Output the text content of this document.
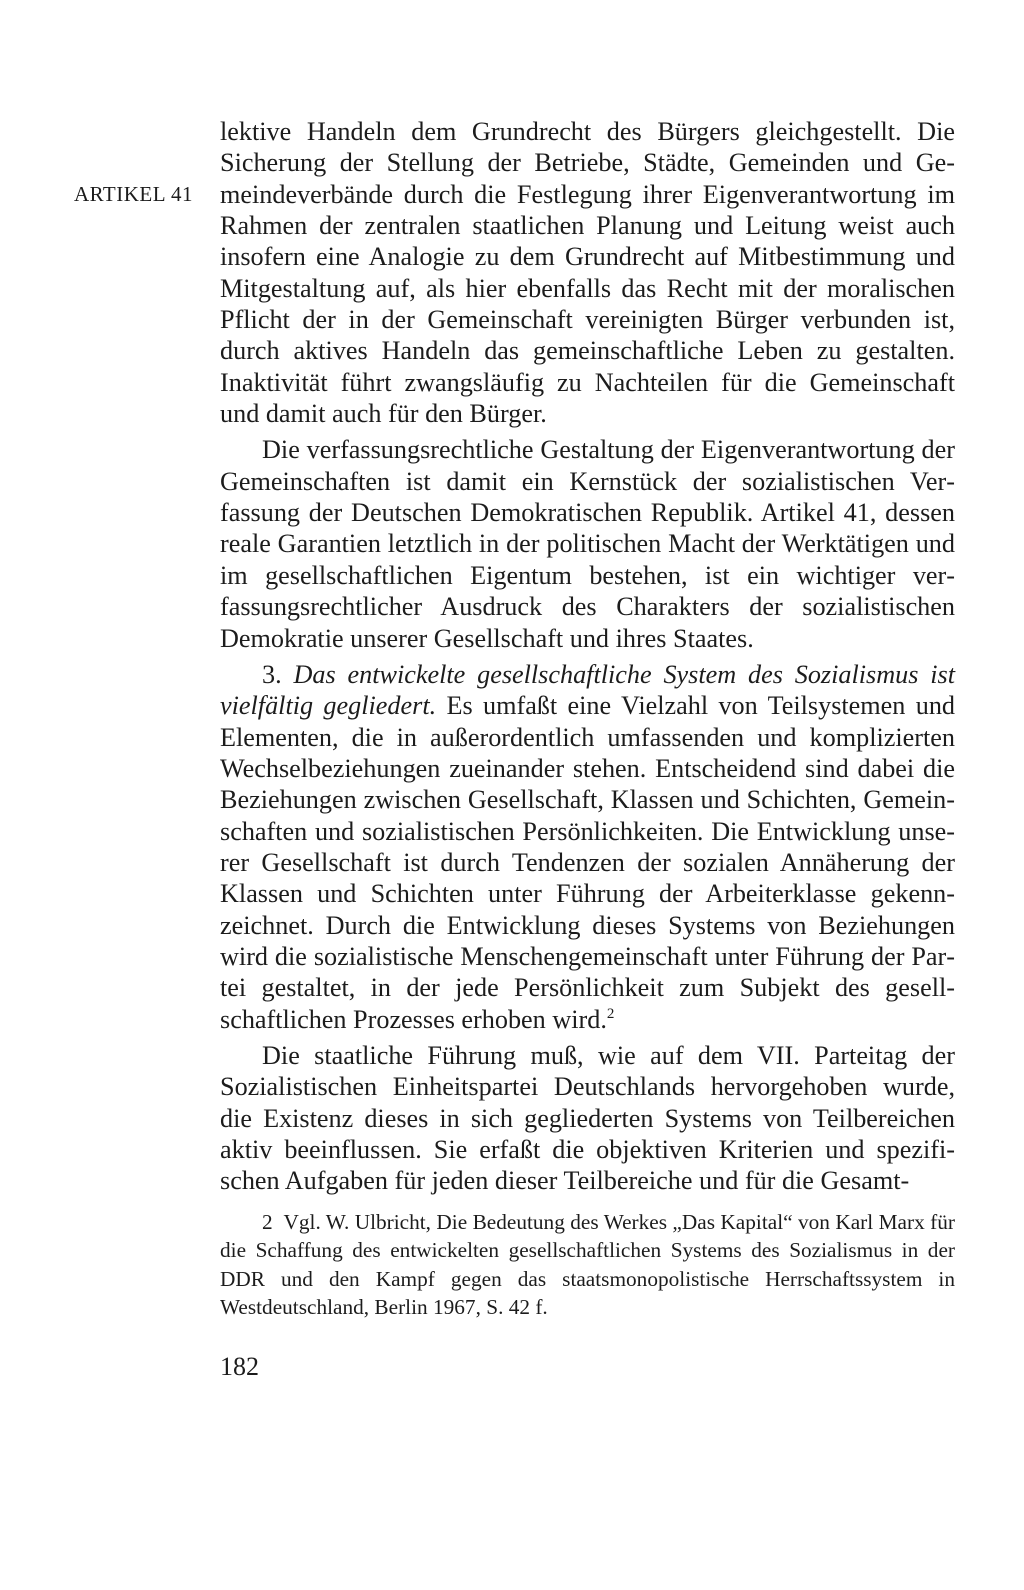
ARTIKEL 41

lektive Handeln dem Grundrecht des Bürgers gleichgestellt. Die Sicherung der Stellung der Betriebe, Städte, Gemeinden und Gemeindeverbände durch die Festlegung ihrer Eigenverantwortung im Rahmen der zentralen staatlichen Planung und Leitung weist auch insofern eine Analogie zu dem Grundrecht auf Mitbestimmung und Mitgestaltung auf, als hier ebenfalls das Recht mit der moralischen Pflicht der in der Gemeinschaft vereinigten Bürger verbunden ist, durch aktives Handeln das gemeinschaftliche Leben zu gestalten. Inaktivität führt zwangsläufig zu Nachteilen für die Gemeinschaft und damit auch für den Bürger.

Die verfassungsrechtliche Gestaltung der Eigenverantwortung der Gemeinschaften ist damit ein Kernstück der sozialistischen Verfassung der Deutschen Demokratischen Republik. Artikel 41, dessen reale Garantien letztlich in der politischen Macht der Werktätigen und im gesellschaftlichen Eigentum bestehen, ist ein wichtiger verfassungsrechtlicher Ausdruck des Charakters der sozialistischen Demokratie unserer Gesellschaft und ihres Staates.

3. Das entwickelte gesellschaftliche System des Sozialismus ist vielfältig gegliedert. Es umfaßt eine Vielzahl von Teilsystemen und Elementen, die in außerordentlich umfassenden und komplizierten Wechselbeziehungen zueinander stehen. Entscheidend sind dabei die Beziehungen zwischen Gesellschaft, Klassen und Schichten, Gemeinschaften und sozialistischen Persönlichkeiten. Die Entwicklung unserer Gesellschaft ist durch Tendenzen der sozialen Annäherung der Klassen und Schichten unter Führung der Arbeiterklasse gekennzeichnet. Durch die Entwicklung dieses Systems von Beziehungen wird die sozialistische Menschengemeinschaft unter Führung der Partei gestaltet, in der jede Persönlichkeit zum Subjekt des gesellschaftlichen Prozesses erhoben wird.$^2$

Die staatliche Führung muß, wie auf dem VII. Parteitag der Sozialistischen Einheitspartei Deutschlands hervorgehoben wurde, die Existenz dieses in sich gegliederten Systems von Teilbereichen aktiv beeinflussen. Sie erfaßt die objektiven Kriterien und spezifischen Aufgaben für jeden dieser Teilbereiche und für die Gesamt-

2 Vgl. W. Ulbricht, Die Bedeutung des Werkes „Das Kapital“ von Karl Marx für die Schaffung des entwickelten gesellschaftlichen Systems des Sozialismus in der DDR und den Kampf gegen das staatsmonopolistische Herrschaftssystem in Westdeutschland, Berlin 1967, S. 42 f.
182
